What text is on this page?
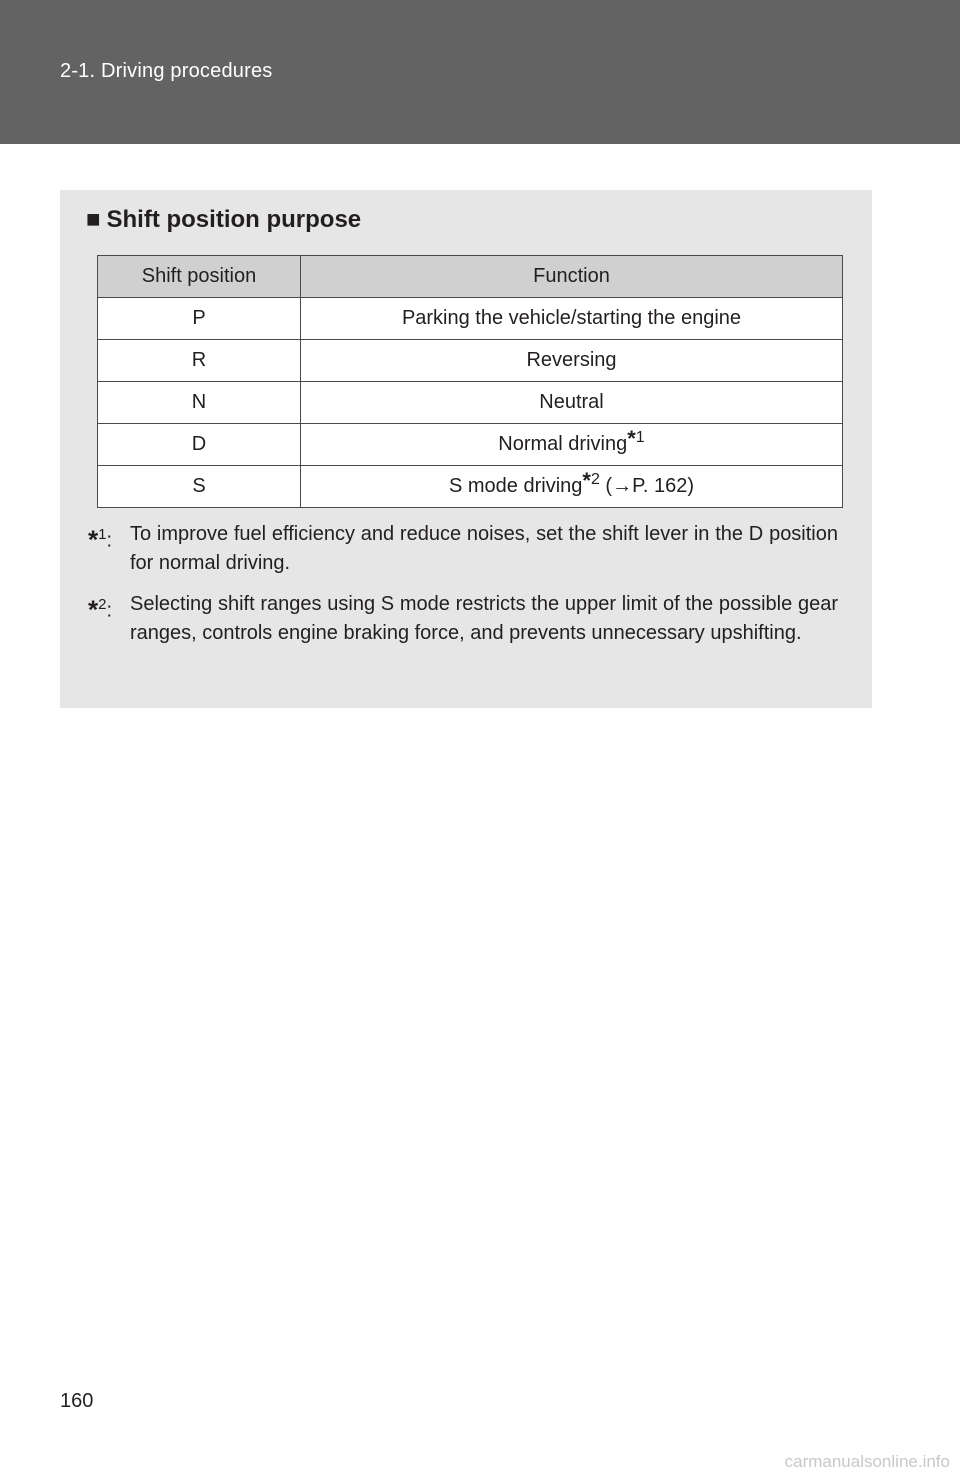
2-1. Driving procedures
■ Shift position purpose
Shift position	Function
P	Parking the vehicle/starting the engine
R	Reversing
N	Neutral
D	Normal driving$^{*1}$
S	S mode driving$^{*2}$ (→P. 162)
*$^1$: To improve fuel efficiency and reduce noises, set the shift lever in the D position for normal driving.
*$^2$: Selecting shift ranges using S mode restricts the upper limit of the possible gear ranges, controls engine braking force, and prevents unnecessary upshifting.
160
carmanualsonline.info
